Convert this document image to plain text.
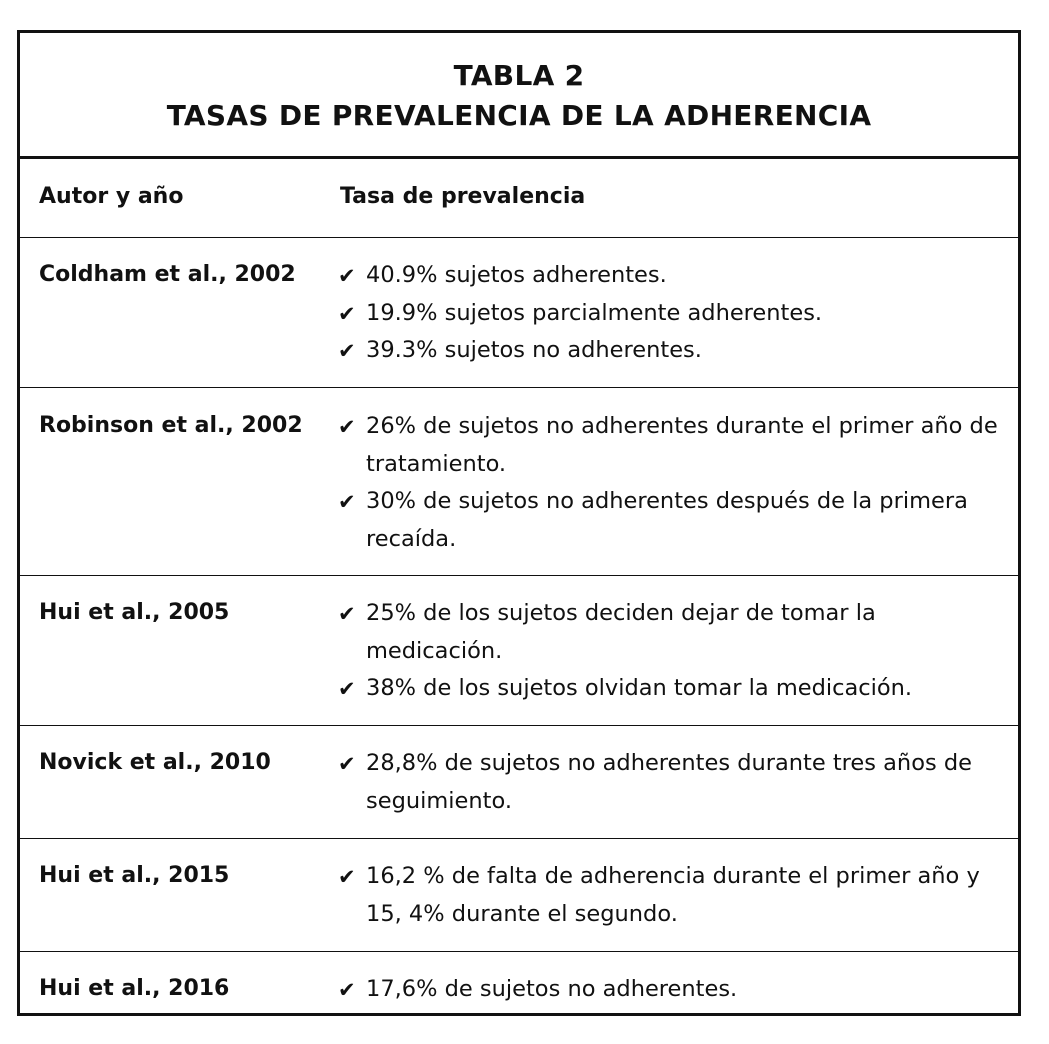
TABLA 2
TASAS DE PREVALENCIA DE LA ADHERENCIA
Autor y año	Tasa de prevalencia
Coldham et al., 2002 ✔ 40.9% sujetos adherentes.
✔ 19.9% sujetos parcialmente adherentes.
✔ 39.3% sujetos no adherentes.
Robinson et al., 2002 ✔ 26% de sujetos no adherentes durante el primer año de tratamiento.
✔ 30% de sujetos no adherentes después de la primera recaída.
Hui et al., 2005	✔ 25% de los sujetos deciden dejar de tomar la medicación.
✔ 38% de los sujetos olvidan tomar la medicación.
Novick et al., 2010	✔ 28,8% de sujetos no adherentes durante tres años de seguimiento.
Hui et al., 2015	✔ 16,2 % de falta de adherencia durante el primer año y 15, 4% durante el segundo.
Hui et al., 2016	✔ 17,6% de sujetos no adherentes.
